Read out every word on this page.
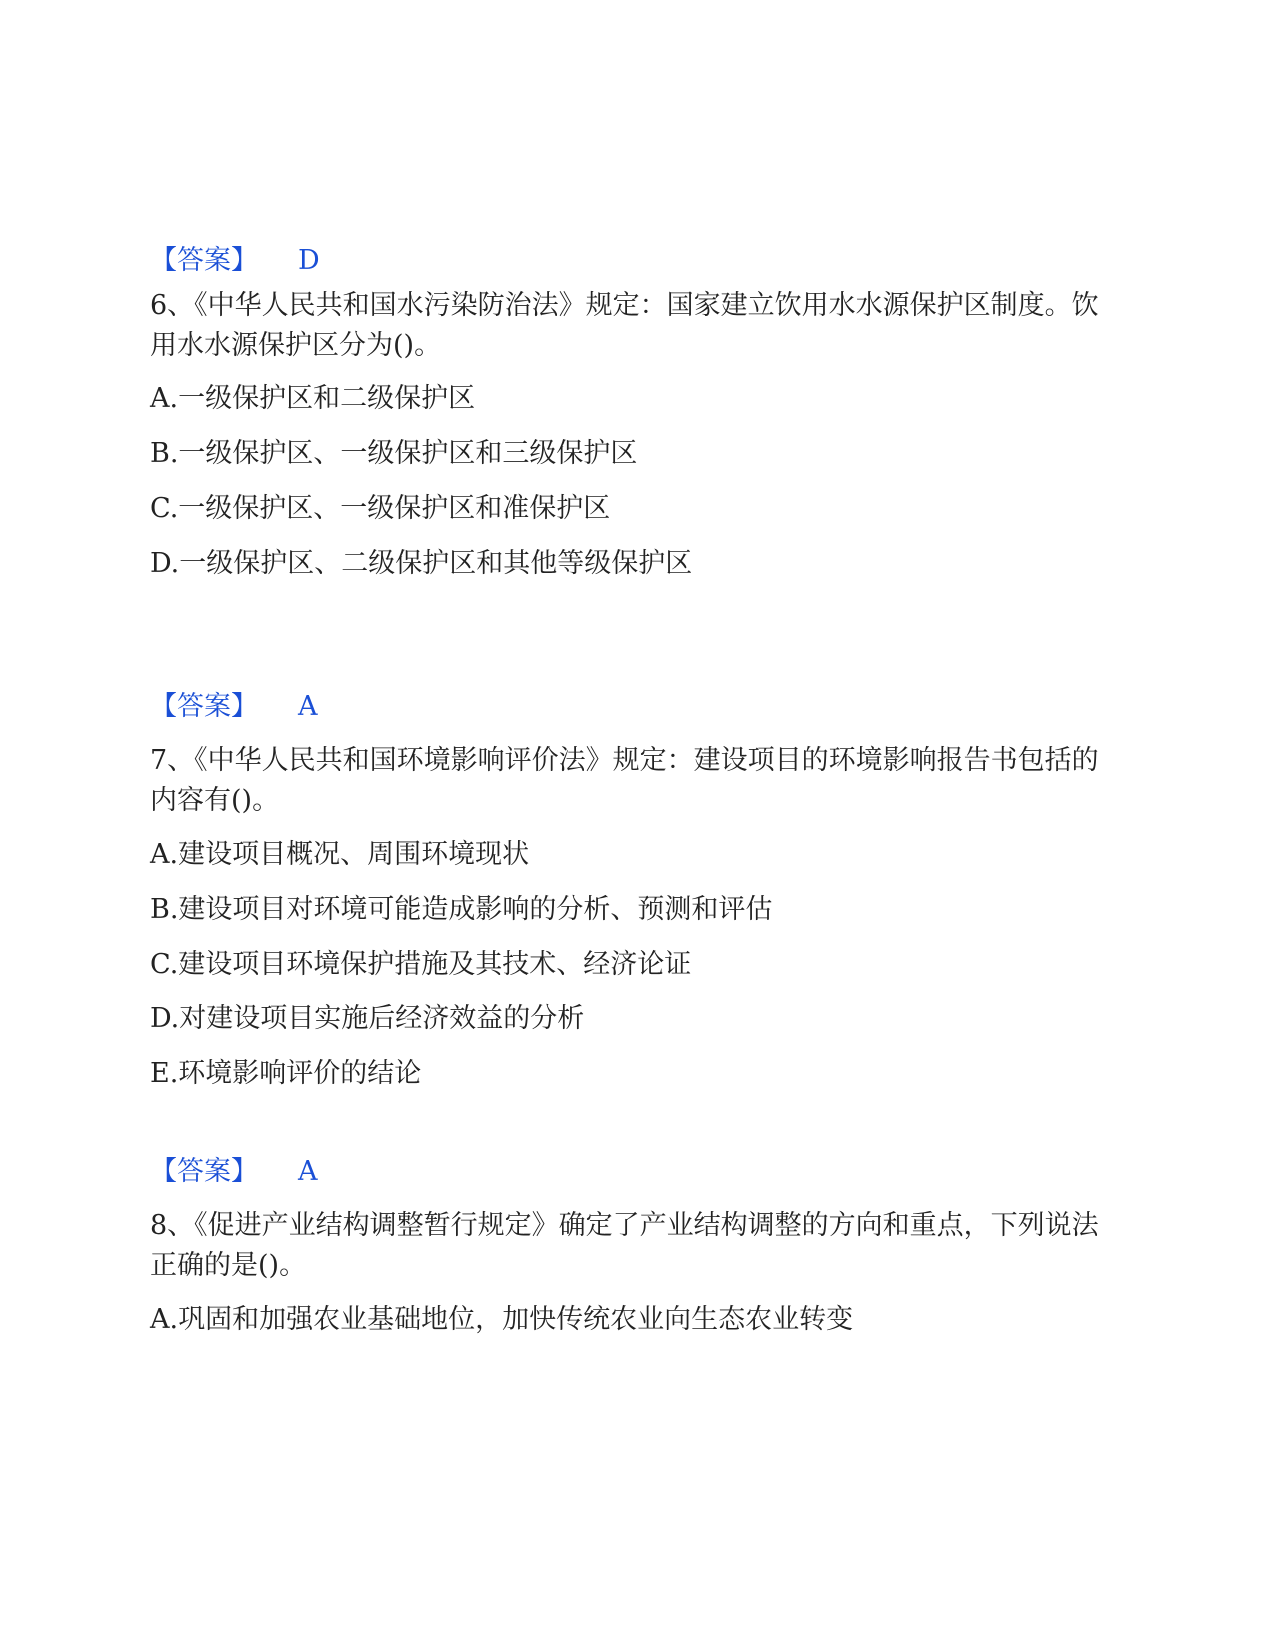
【答案】 D
6、《中华人民共和国水污染防治法》规定：国家建立饮用水水源保护区制度。饮用水水源保护区分为()。
A.一级保护区和二级保护区
B.一级保护区、一级保护区和三级保护区
C.一级保护区、一级保护区和准保护区
D.一级保护区、二级保护区和其他等级保护区
【答案】 A
7、《中华人民共和国环境影响评价法》规定：建设项目的环境影响报告书包括的内容有()。
A.建设项目概况、周围环境现状
B.建设项目对环境可能造成影响的分析、预测和评估
C.建设项目环境保护措施及其技术、经济论证
D.对建设项目实施后经济效益的分析
E.环境影响评价的结论
【答案】 A
8、《促进产业结构调整暂行规定》确定了产业结构调整的方向和重点，下列说法正确的是()。
A.巩固和加强农业基础地位，加快传统农业向生态农业转变
